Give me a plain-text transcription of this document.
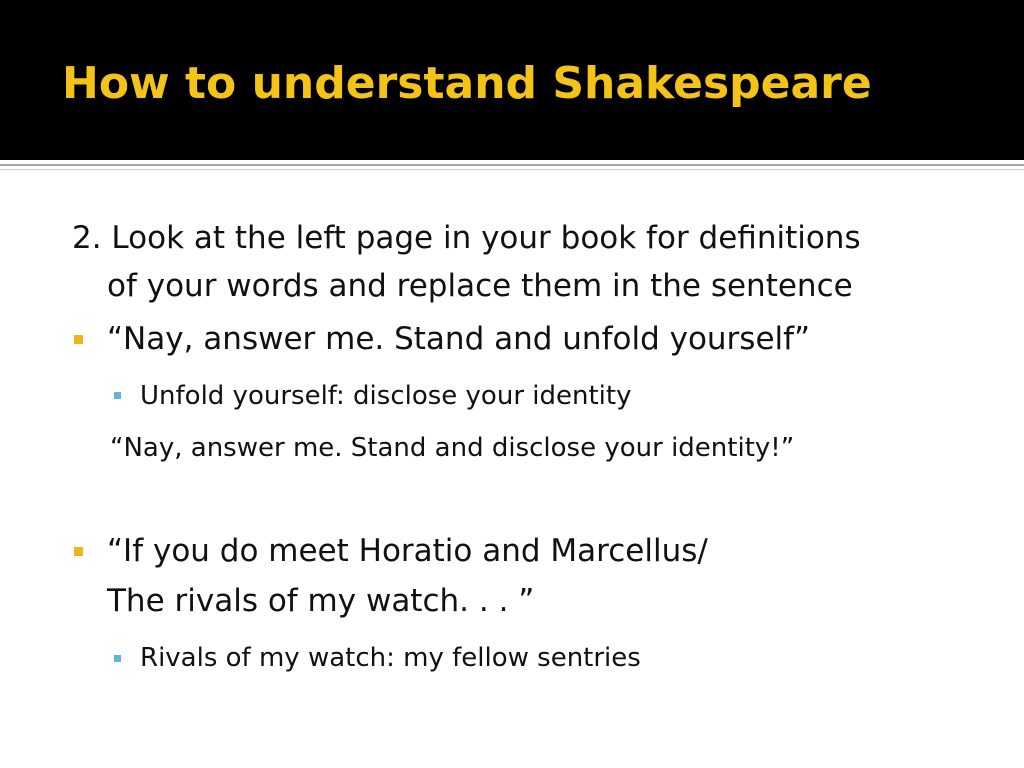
How to understand Shakespeare
2. Look at the left page in your book for definitions
of your words and replace them in the sentence
“Nay, answer me. Stand and unfold yourself”
Unfold yourself: disclose your identity
“Nay, answer me. Stand and disclose your identity!”
“If you do meet Horatio and Marcellus/
The rivals of my watch. . . ”
Rivals of my watch: my fellow sentries
